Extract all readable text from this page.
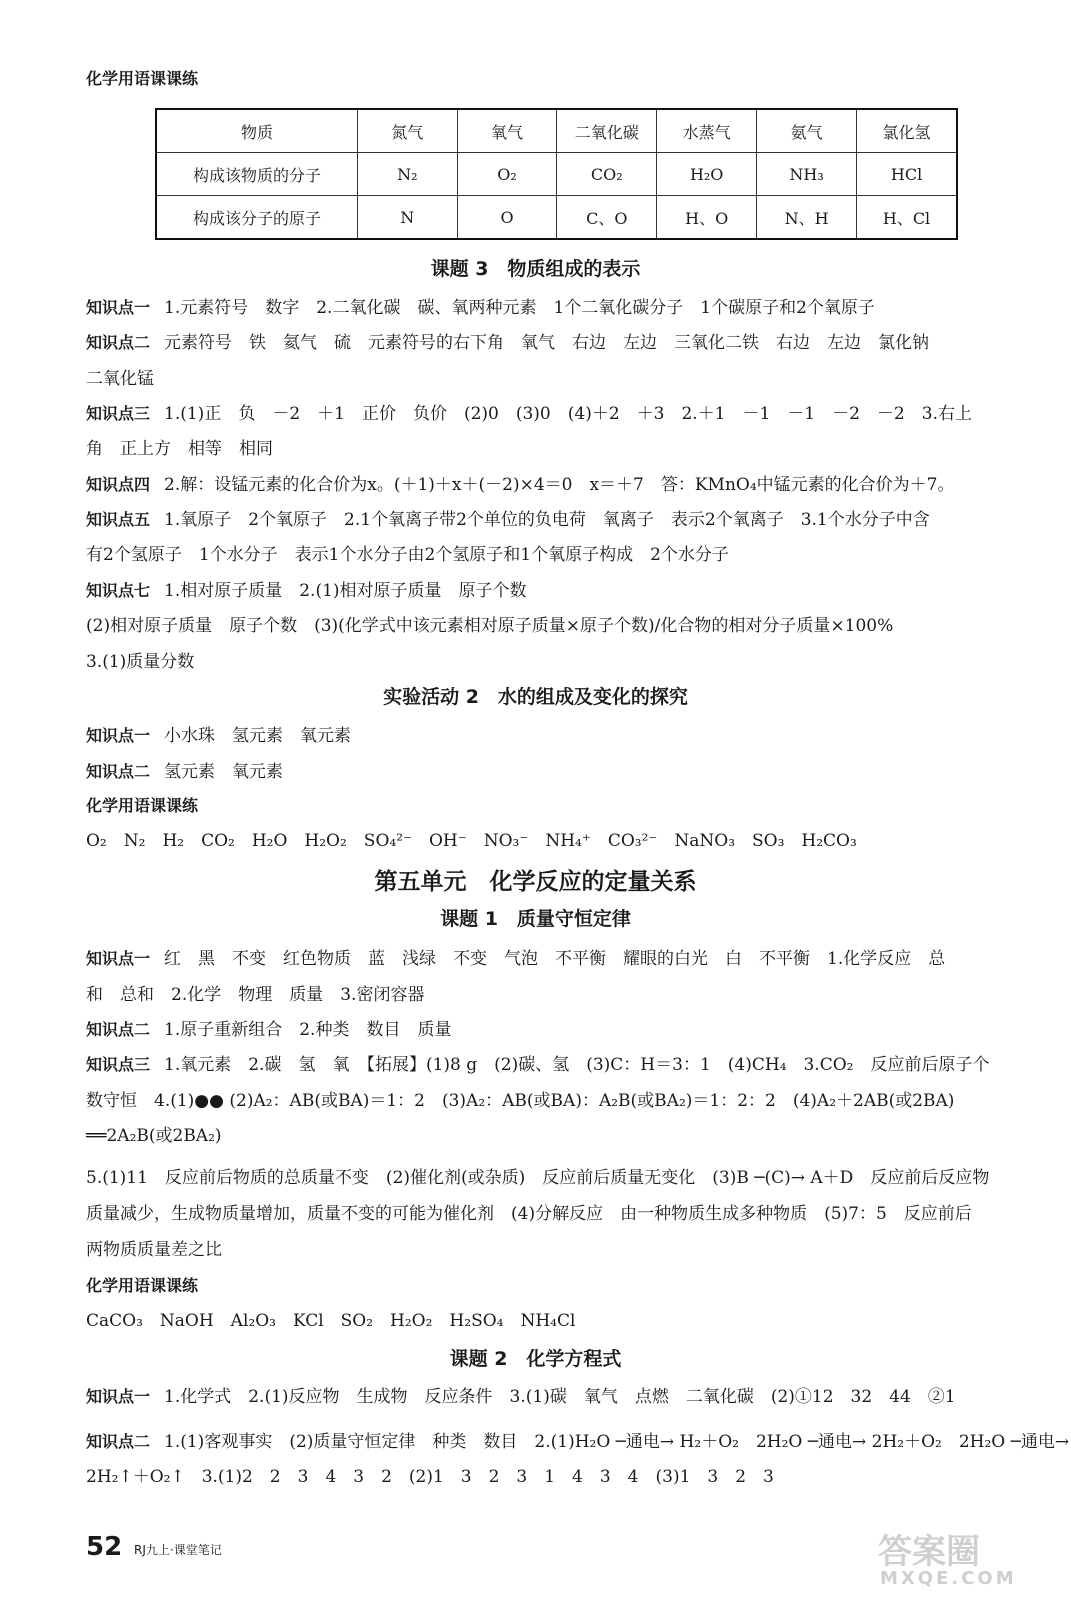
化学用语课课练
物质	氮气	氧气	二氧化碳	水蒸气	氨气	氯化氢
构成该物质的分子	N₂	O₂	CO₂	H₂O	NH₃	HCl
构成该分子的原子	N	O	C、O	H、O	N、H	H、Cl
课题 3　物质组成的表示
知识点一 1.元素符号　数字　2.二氧化碳　碳、氧两种元素　1个二氧化碳分子　1个碳原子和2个氧原子
知识点二 元素符号　铁　氦气　硫　元素符号的右下角　氧气　右边　左边　三氧化二铁　右边　左边　氯化钠
二氧化锰
知识点三 1.(1)正　负　－2　＋1　正价　负价　(2)0　(3)0　(4)＋2　＋3　2.＋1　－1　－1　－2　－2　3.右上
角　正上方　相等　相同
知识点四 2.解：设锰元素的化合价为x。(＋1)＋x＋(－2)×4＝0　x＝＋7　答：KMnO₄中锰元素的化合价为＋7。
知识点五 1.氧原子　2个氧原子　2.1个氧离子带2个单位的负电荷　氧离子　表示2个氧离子　3.1个水分子中含
有2个氢原子　1个水分子　表示1个水分子由2个氢原子和1个氧原子构成　2个水分子
知识点七 1.相对原子质量　2.(1)相对原子质量　原子个数
(2)相对原子质量　原子个数　(3)(化学式中该元素相对原子质量×原子个数)/化合物的相对分子质量×100%
3.(1)质量分数
实验活动 2　水的组成及变化的探究
知识点一 小水珠　氢元素　氧元素
知识点二 氢元素　氧元素
化学用语课课练
O₂　N₂　H₂　CO₂　H₂O　H₂O₂　SO₄²⁻　OH⁻　NO₃⁻　NH₄⁺　CO₃²⁻　NaNO₃　SO₃　H₂CO₃
第五单元　化学反应的定量关系
课题 1　质量守恒定律
知识点一 红　黑　不变　红色物质　蓝　浅绿　不变　气泡　不平衡　耀眼的白光　白　不平衡　1.化学反应　总
和　总和　2.化学　物理　质量　3.密闭容器
知识点二 1.原子重新组合　2.种类　数目　质量
知识点三 1.氧元素　2.碳　氢　氧　【拓展】(1)8 g　(2)碳、氢　(3)C：H＝3：1　(4)CH₄　3.CO₂　反应前后原子个
数守恒　4.(1)●● (2)A₂：AB(或BA)＝1：2　(3)A₂：AB(或BA)：A₂B(或BA₂)＝1：2：2　(4)A₂＋2AB(或2BA)
══2A₂B(或2BA₂)
5.(1)11　反应前后物质的总质量不变　(2)催化剂(或杂质)　反应前后质量无变化　(3)B ─(C)→ A＋D　反应前后反应物
质量减少，生成物质量增加，质量不变的可能为催化剂　(4)分解反应　由一种物质生成多种物质　(5)7：5　反应前后
两物质质量差之比
化学用语课课练
CaCO₃　NaOH　Al₂O₃　KCl　SO₂　H₂O₂　H₂SO₄　NH₄Cl
课题 2　化学方程式
知识点一 1.化学式　2.(1)反应物　生成物　反应条件　3.(1)碳　氧气　点燃　二氧化碳　(2)①12　32　44　②1
知识点二 1.(1)客观事实　(2)质量守恒定律　种类　数目　2.(1)H₂O ─通电→ H₂＋O₂　2H₂O ─通电→ 2H₂＋O₂　2H₂O ─通电→
2H₂↑＋O₂↑　3.(1)2　2　3　4　3　2　(2)1　3　2　3　1　4　3　4　(3)1　3　2　3
52 RJ九上·课堂笔记	答案圈
MXQE.COM
